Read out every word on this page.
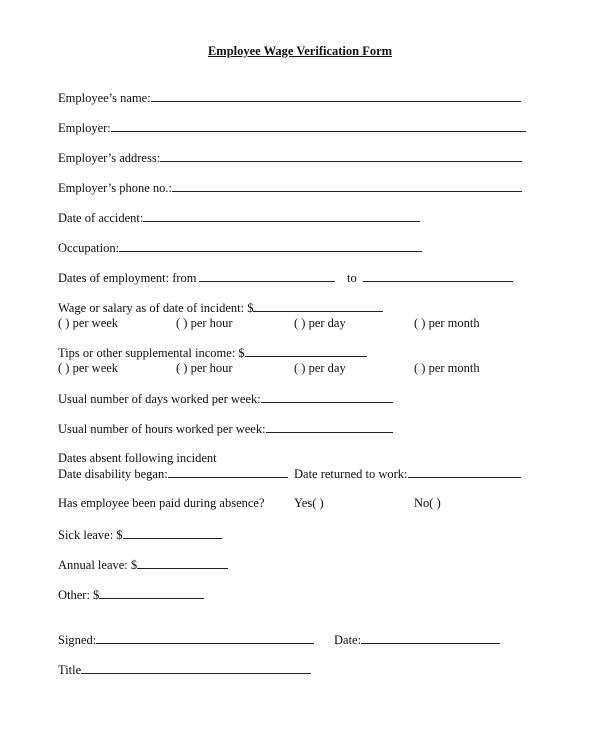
Employee Wage Verification Form
Employee’s name:
Employer:
Employer’s address:
Employer’s phone no.:
Date of accident:
Occupation:
Dates of employment: from	to
Wage or salary as of date of incident: $
( ) per week	( ) per hour	( ) per day	( ) per month
Tips or other supplemental income: $
( ) per week	( ) per hour	( ) per day	( ) per month
Usual number of days worked per week:
Usual number of hours worked per week:
Dates absent following incident
Date disability began:	Date returned to work:
Has employee been paid during absence? Yes( )	No( )
Sick leave: $
Annual leave: $
Other: $
Signed:	Date:
Title
